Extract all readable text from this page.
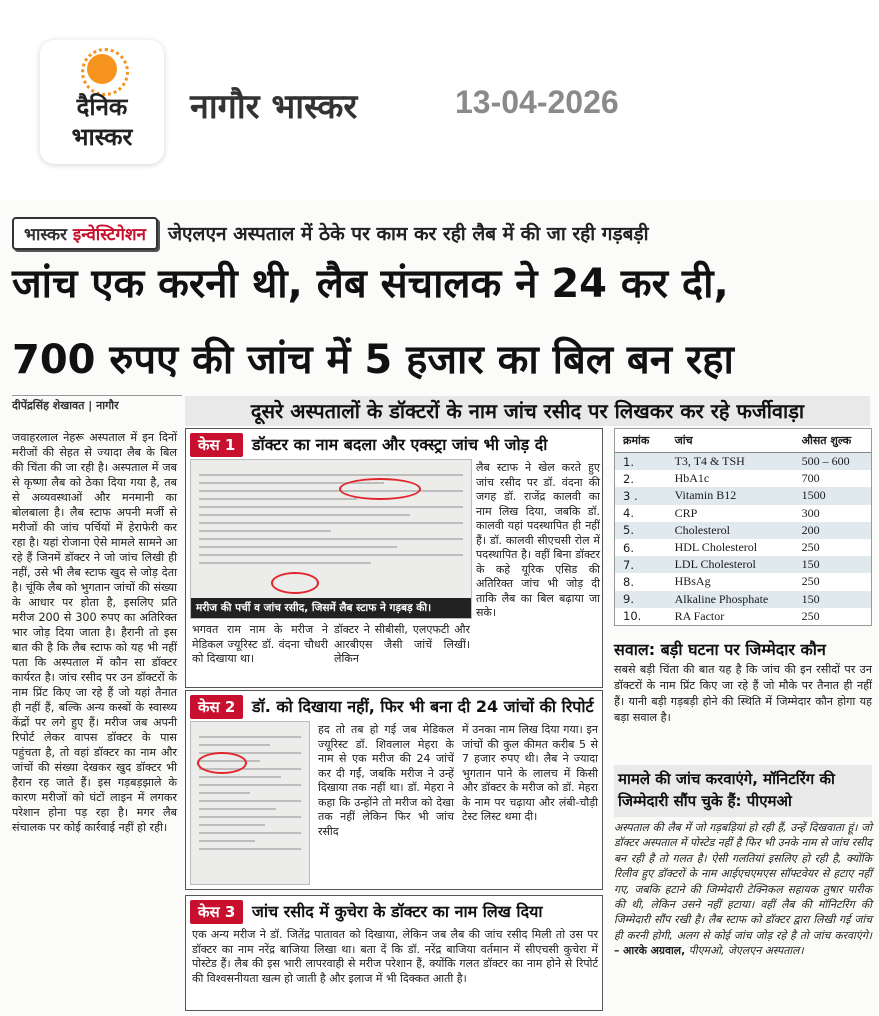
दैनिक
भास्कर
नागौर भास्कर	13-04-2026
भास्कर इन्वेस्टिगेशन	जेएलएन अस्पताल में ठेके पर काम कर रही लैब में की जा रही गड़बड़ी
जांच एक करनी थी, लैब संचालक ने 24 कर दी,
700 रुपए की जांच में 5 हजार का बिल बन रहा
दीपेंद्रसिंह शेखावत | नागौर	दूसरे अस्पतालों के डॉक्टरों के नाम जांच रसीद पर लिखकर कर रहे फर्जीवाड़ा

जवाहरलाल नेहरू अस्पताल में इन दिनों मरीजों की सेहत से ज्यादा लैब के बिल की चिंता की जा रही है। अस्पताल में जब से कृष्णा लैब को ठेका दिया गया है, तब से अव्यवस्थाओं और मनमानी का बोलबाला है। लैब स्टाफ अपनी मर्जी से मरीजों की जांच पर्चियों में हेराफेरी कर रहा है। यहां रोजाना ऐसे मामले सामने आ रहे हैं जिनमें डॉक्टर ने जो जांच लिखी ही नहीं, उसे भी लैब स्टाफ खुद से जोड़ देता है। चूंकि लैब को भुगतान जांचों की संख्या के आधार पर होता है, इसलिए प्रति मरीज 200 से 300 रुपए का अतिरिक्त भार जोड़ दिया जाता है। हैरानी तो इस बात की है कि लैब स्टाफ को यह भी नहीं पता कि अस्पताल में कौन सा डॉक्टर कार्यरत है। जांच रसीद पर उन डॉक्टरों के नाम प्रिंट किए जा रहे हैं जो यहां तैनात ही नहीं हैं, बल्कि अन्य कस्बों के स्वास्थ्य केंद्रों पर लगे हुए हैं। मरीज जब अपनी रिपोर्ट लेकर वापस डॉक्टर के पास पहुंचता है, तो वहां डॉक्टर का नाम और जांचों की संख्या देखकर खुद डॉक्टर भी हैरान रह जाते हैं। इस गड़बड़झाले के कारण मरीजों को घंटों लाइन में लगकर परेशान होना पड़ रहा है। मगर लैब संचालक पर कोई कार्रवाई नहीं हो रही।

केस 1	डॉक्टर का नाम बदला और एक्स्ट्रा जांच भी जोड़ दी
मरीज की पर्ची व जांच रसीद, जिसमें लैब स्टाफ ने गड़बड़ की।
लैब स्टाफ ने खेल करते हुए जांच रसीद पर डॉ. वंदना की जगह डॉ. राजेंद्र कालवी का नाम लिख दिया, जबकि डॉ. कालवी यहां पदस्थापित ही नहीं हैं। डॉ. कालवी सीएचसी रोल में पदस्थापित है। वहीं बिना डॉक्टर के कहे यूरिक एसिड की अतिरिक्त जांच भी जोड़ दी ताकि लैब का बिल बढ़ाया जा सके।
भगवत राम नाम के मरीज ने मेडिकल ज्यूरिस्ट डॉ. वंदना चौधरी को दिखाया था।
डॉक्टर ने सीबीसी, एलएफटी और आरबीएस जैसी जांचें लिखीं। लेकिन
केस 2	डॉ. को दिखाया नहीं, फिर भी बना दी 24 जांचों की रिपोर्ट
हद तो तब हो गई जब मेडिकल ज्यूरिस्ट डॉ. शिवलाल मेहरा के नाम से एक मरीज की 24 जांचें कर दी गईं, जबकि मरीज ने उन्हें दिखाया तक नहीं था। डॉ. मेहरा ने कहा कि उन्होंने तो मरीज को देखा तक नहीं लेकिन फिर भी जांच रसीद
में उनका नाम लिख दिया गया। इन जांचों की कुल कीमत करीब 5 से 7 हजार रुपए थी। लैब ने ज्यादा भुगतान पाने के लालच में किसी और डॉक्टर के मरीज को डॉ. मेहरा के नाम पर चढ़ाया और लंबी-चौड़ी टेस्ट लिस्ट थमा दी।
केस 3	जांच रसीद में कुचेरा के डॉक्टर का नाम लिख दिया
एक अन्य मरीज ने डॉ. जितेंद्र पातावत को दिखाया, लेकिन जब लैब की जांच रसीद मिली तो उस पर डॉक्टर का नाम नरेंद्र बाजिया लिखा था। बता दें कि डॉ. नरेंद्र बाजिया वर्तमान में सीएचसी कुचेरा में पोस्टेड हैं। लैब की इस भारी लापरवाही से मरीज परेशान हैं, क्योंकि गलत डॉक्टर का नाम होने से रिपोर्ट की विश्वसनीयता खत्म हो जाती है और इलाज में भी दिक्कत आती है।
क्रमांक	जांच	औसत शुल्क
1.	T3, T4 & TSH	500 – 600
2.	HbA1c	700
3 .	Vitamin B12	1500
4.	CRP	300
5.	Cholesterol	200
6.	HDL Cholesterol	250
7.	LDL Cholesterol	150
8.	HBsAg	250
9.	Alkaline Phosphate	150
10.	RA Factor	250
सवाल: बड़ी घटना पर जिम्मेदार कौन
सबसे बड़ी चिंता की बात यह है कि जांच की इन रसीदों पर उन डॉक्टरों के नाम प्रिंट किए जा रहे हैं जो मौके पर तैनात ही नहीं हैं। यानी बड़ी गड़बड़ी होने की स्थिति में जिम्मेदार कौन होगा यह बड़ा सवाल है।
मामले की जांच करवाएंगे, मॉनिटरिंग की जिम्मेदारी सौंप चुके हैं: पीएमओ
अस्पताल की लैब में जो गड़बड़ियां हो रही हैं, उन्हें दिखवाता हूं। जो डॉक्टर अस्पताल में पोस्टेड नहीं है फिर भी उनके नाम से जांच रसीद बन रही है तो गलत है। ऐसी गलतियां इसलिए हो रही है, क्योंकि रिलीव हुए डॉक्टरों के नाम आईएचएमएस सॉफ्टवेयर से हटाए नहीं गए, जबकि हटाने की जिम्मेदारी टेक्निकल सहायक तुषार पारीक की थी, लेकिन उसने नहीं हटाया। वहीं लैब की मॉनिटरिंग की जिम्मेदारी सौंप रखी है। लैब स्टाफ को डॉक्टर द्वारा लिखी गई जांच ही करनी होगी, अलग से कोई जांच जोड़ रहे है तो जांच करवाएंगे। – आरके अग्रवाल, पीएमओ, जेएलएन अस्पताल।
